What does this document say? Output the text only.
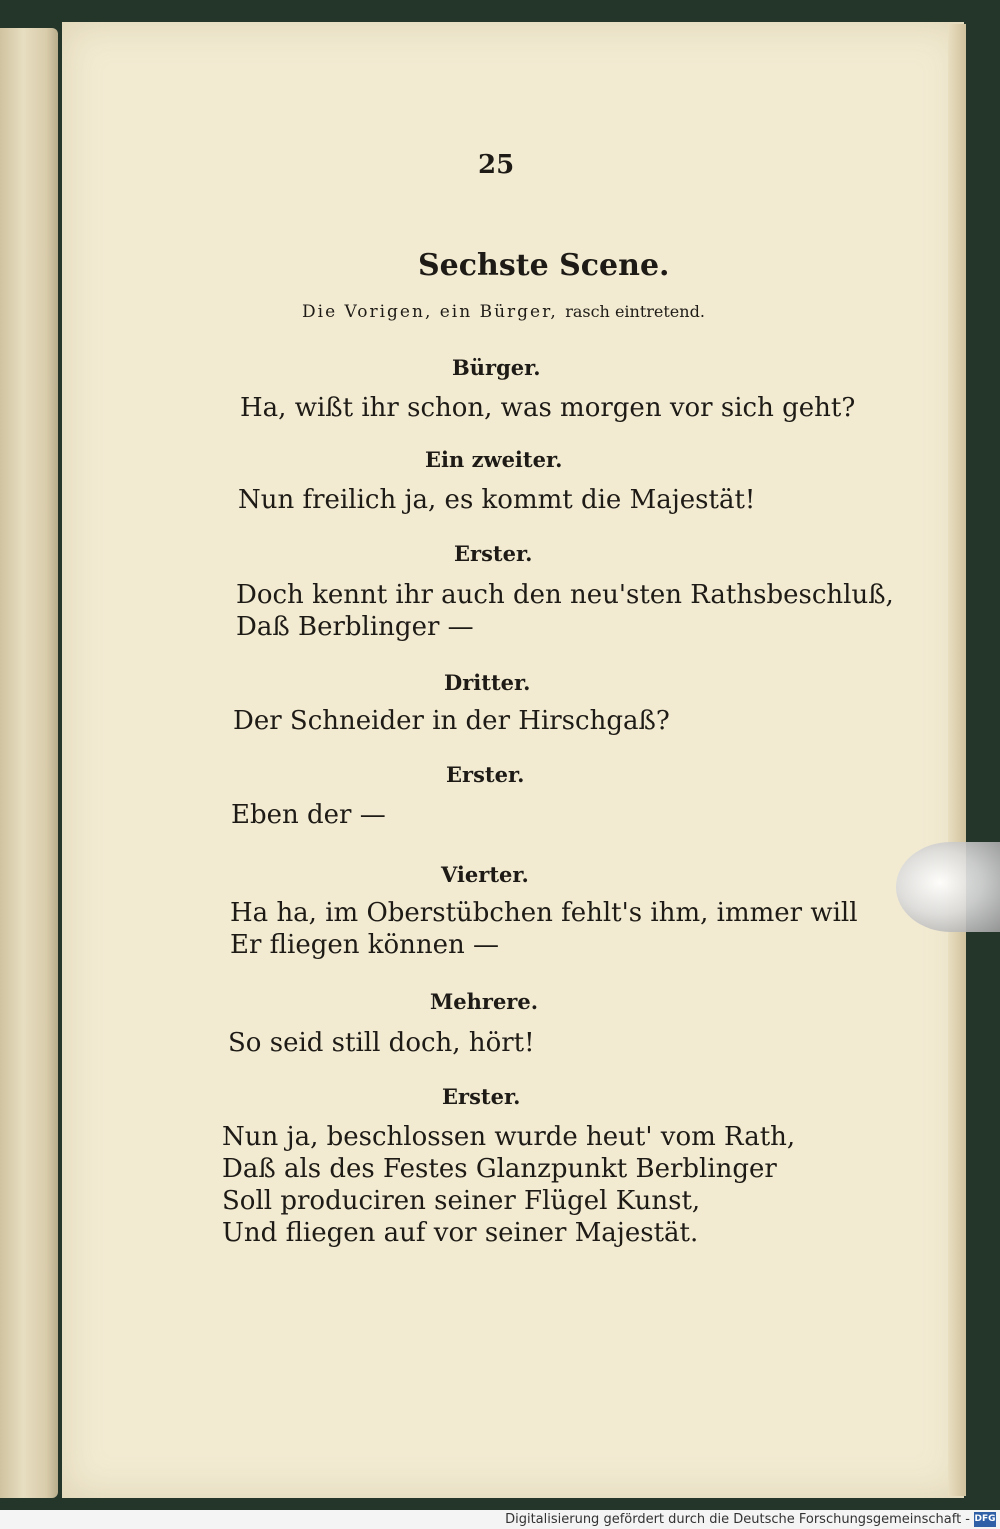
25
Sechste Scene.
Die Vorigen, ein Bürger, rasch eintretend.
Bürger.
Ha, wißt ihr schon, was morgen vor sich geht?
Ein zweiter.
Nun freilich ja, es kommt die Majestät!
Erster.
Doch kennt ihr auch den neu'sten Rathsbeschluß,
Daß Berblinger —
Dritter.
Der Schneider in der Hirschgaß?
Erster.
Eben der —
Vierter.
Ha ha, im Oberstübchen fehlt's ihm, immer will
Er fliegen können —
Mehrere.
So seid still doch, hört!
Erster.
Nun ja, beschlossen wurde heut' vom Rath,
Daß als des Festes Glanzpunkt Berblinger
Soll produciren seiner Flügel Kunst,
Und fliegen auf vor seiner Majestät.
Digitalisierung gefördert durch die Deutsche Forschungsgemeinschaft - DFG
